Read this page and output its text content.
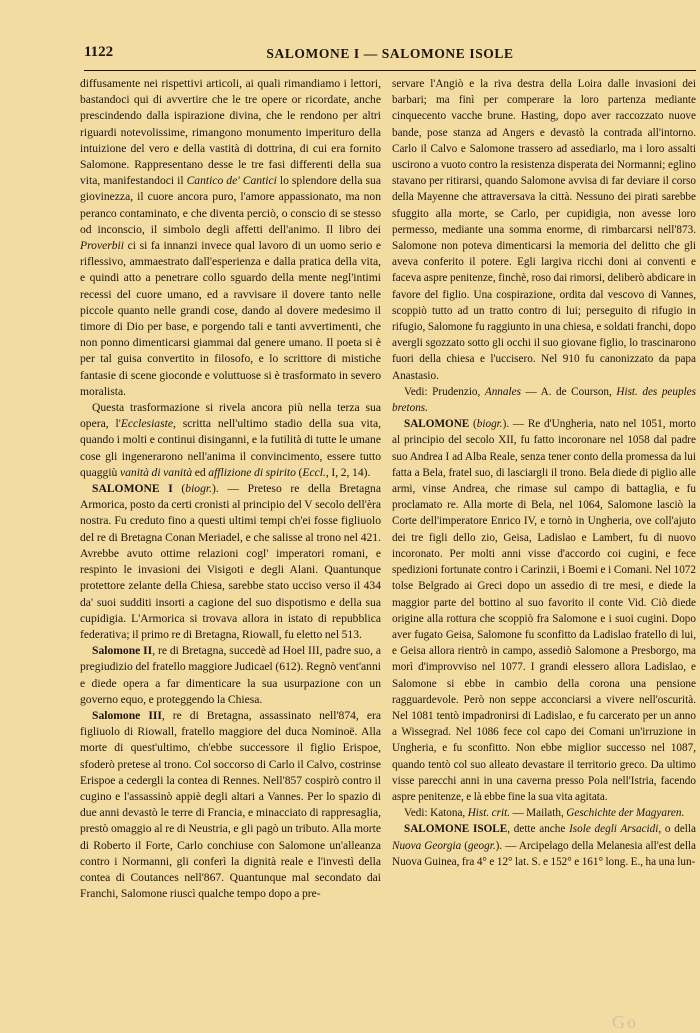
1122	SALOMONE I — SALOMONE ISOLE

diffusamente nei rispettivi articoli, ai quali rimandiamo i lettori, bastandoci qui di avvertire che le tre opere or ricordate, anche prescindendo dalla ispirazione divina, che le rendono per altri riguardi notevolissime, rimangono monumento imperituro della intuizione del vero e della vastità di dottrina, di cui era fornito Salomone. Rappresentano desse le tre fasi differenti della sua vita, manifestandoci il Cantico de' Cantici lo splendore della sua giovinezza, il cuore ancora puro, l'amore appassionato, ma non peranco contaminato, e che diventa perciò, o conscio di se stesso od inconscio, il simbolo degli affetti dell'animo. Il libro dei Proverbii ci si fa innanzi invece qual lavoro di un uomo serio e riflessivo, ammaestrato dall'esperienza e dalla pratica della vita, e quindi atto a penetrare collo sguardo della mente negl'intimi recessi del cuore umano, ed a ravvisare il dovere tanto nelle piccole quanto nelle grandi cose, dando al dovere medesimo il timore di Dio per base, e porgendo tali e tanti avvertimenti, che non ponno dimenticarsi giammai dal genere umano. Il poeta si è per tal guisa convertito in filosofo, e lo scrittore di mistiche fantasie di scene gioconde e voluttuose si è trasformato in severo moralista.

Questa trasformazione si rivela ancora più nella terza sua opera, l'Ecclesiaste, scritta nell'ultimo stadio della sua vita, quando i molti e continui disinganni, e la futilità di tutte le umane cose gli ingenerarono nell'anima il convincimento, essere tutto quaggiù vanità di vanità ed afflizione di spirito (Eccl., I, 2, 14).

SALOMONE I (biogr.). — Preteso re della Bretagna Armorica, posto da certi cronisti al principio del V secolo dell'èra nostra. Fu creduto fino a questi ultimi tempi ch'ei fosse figliuolo del re di Bretagna Conan Meriadel, e che salisse al trono nel 421. Avrebbe avuto ottime relazioni cogl' imperatori romani, e respinto le invasioni dei Visigoti e degli Alani. Quantunque protettore zelante della Chiesa, sarebbe stato ucciso verso il 434 da' suoi sudditi insorti a cagione del suo dispotismo e della sua cupidigia. L'Armorica si trovava allora in istato di repubblica federativa; il primo re di Bretagna, Riowall, fu eletto nel 513.

Salomone II, re di Bretagna, succedè ad Hoel III, padre suo, a pregiudizio del fratello maggiore Judicael (612). Regnò vent'anni e diede opera a far dimenticare la sua usurpazione con un governo equo, e proteggendo la Chiesa.

Salomone III, re di Bretagna, assassinato nell'874, era figliuolo di Riowall, fratello maggiore del duca Nominoë. Alla morte di quest'ultimo, ch'ebbe successore il figlio Erispoe, sfoderò pretese al trono. Col soccorso di Carlo il Calvo, costrinse Erispoe a cedergli la contea di Rennes. Nell'857 cospirò contro il cugino e l'assassinò appiè degli altari a Vannes. Per lo spazio di due anni devastò le terre di Francia, e minacciato di rappresaglia, prestò omaggio al re di Neustria, e gli pagò un tributo. Alla morte di Roberto il Forte, Carlo conchiuse con Salomone un'alleanza contro i Normanni, gli conferì la dignità reale e l'investì della contea di Coutances nell'867. Quantunque mal secondato dai Franchi, Salomone riuscì qualche tempo dopo a pre-

servare l'Angiò e la riva destra della Loira dalle invasioni dei barbari; ma finì per comperare la loro partenza mediante cinquecento vacche brune. Hasting, dopo aver raccozzato nuove bande, pose stanza ad Angers e devastò la contrada all'intorno. Carlo il Calvo e Salomone trassero ad assediarlo, ma i loro assalti uscirono a vuoto contro la resistenza disperata dei Normanni; eglino stavano per ritirarsi, quando Salomone avvisa di far deviare il corso della Mayenne che attraversava la città. Nessuno dei pirati sarebbe sfuggito alla morte, se Carlo, per cupidigia, non avesse loro permesso, mediante una somma enorme, di rimbarcarsi nell'873. Salomone non poteva dimenticarsi la memoria del delitto che gli aveva conferito il potere. Egli largiva ricchi doni ai conventi e faceva aspre penitenze, finchè, roso dai rimorsi, deliberò abdicare in favore del figlio. Una cospirazione, ordita dal vescovo di Vannes, scoppiò tutto ad un tratto contro di lui; perseguito di rifugio in rifugio, Salomone fu raggiunto in una chiesa, e soldati franchi, dopo avergli sgozzato sotto gli occhi il suo giovane figlio, lo trascinarono fuori della chiesa e l'uccisero. Nel 910 fu canonizzato da papa Anastasio.

Vedi: Prudenzio, Annales — A. de Courson, Hist. des peuples bretons.

SALOMONE (biogr.). — Re d'Ungheria, nato nel 1051, morto al principio del secolo XII, fu fatto incoronare nel 1058 dal padre suo Andrea I ad Alba Reale, senza tener conto della promessa da lui fatta a Bela, fratel suo, di lasciargli il trono. Bela diede di piglio alle armi, vinse Andrea, che rimase sul campo di battaglia, e fu proclamato re. Alla morte di Bela, nel 1064, Salomone lasciò la Corte dell'imperatore Enrico IV, e tornò in Ungheria, ove coll'ajuto dei tre figli dello zio, Geisa, Ladislao e Lambert, fu di nuovo incoronato. Per molti anni visse d'accordo coi cugini, e fece spedizioni fortunate contro i Carinzii, i Boemi e i Comani. Nel 1072 tolse Belgrado ai Greci dopo un assedio di tre mesi, e diede la maggior parte del bottino al suo favorito il conte Vid. Ciò diede origine alla rottura che scoppiò fra Salomone e i suoi cugini. Dopo aver fugato Geisa, Salomone fu sconfitto da Ladislao fratello di lui, e Geisa allora rientrò in campo, assediò Salomone a Presborgo, ma morì d'improvviso nel 1077. I grandi elessero allora Ladislao, e Salomone si ebbe in cambio della corona una pensione ragguardevole. Però non seppe acconciarsi a vivere nell'oscurità. Nel 1081 tentò impadronirsi di Ladislao, e fu carcerato per un anno a Wissegrad. Nel 1086 fece col capo dei Comani un'irruzione in Ungheria, e fu sconfitto. Non ebbe miglior successo nel 1087, quando tentò col suo alleato devastare il territorio greco. Da ultimo visse parecchi anni in una caverna presso Pola nell'Istria, facendo aspre penitenze, e là ebbe fine la sua vita agitata.

Vedi: Katona, Hist. crit. — Mailath, Geschichte der Magyaren.

SALOMONE ISOLE, dette anche Isole degli Arsacidi, o della Nuova Georgia (geogr.). — Arcipelago della Melanesia all'est della Nuova Guinea, fra 4° e 12° lat. S. e 152° e 161° long. E., ha una lun-

Go
